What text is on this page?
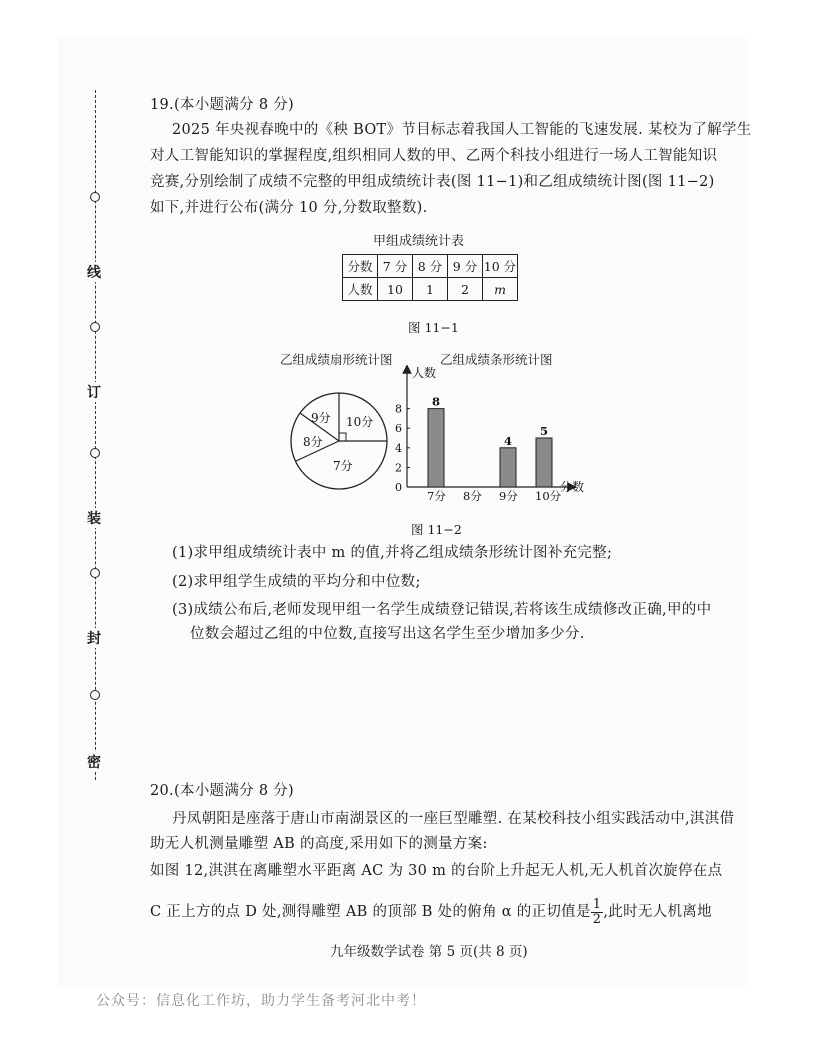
线
订
装
封
密
19.(本小题满分 8 分)
2025 年央视春晚中的《秧 BOT》节目标志着我国人工智能的飞速发展. 某校为了解学生
对人工智能知识的掌握程度,组织相同人数的甲、乙两个科技小组进行一场人工智能知识
竞赛,分别绘制了成绩不完整的甲组成绩统计表(图 11−1)和乙组成绩统计图(图 11−2)
如下,并进行公布(满分 10 分,分数取整数).
甲组成绩统计表
分数	7 分	8 分	9 分	10 分
人数	10	1	2	m
图 11−1
乙组成绩扇形统计图
9分 10分
8分
7分
乙组成绩条形统计图
人数
分数
0
2
4
6
8
7分
8
8分 9分
4
10分
5
图 11−2
(1)求甲组成绩统计表中 m 的值,并将乙组成绩条形统计图补充完整;
(2)求甲组学生成绩的平均分和中位数;
(3)成绩公布后,老师发现甲组一名学生成绩登记错误,若将该生成绩修改正确,甲的中
位数会超过乙组的中位数,直接写出这名学生至少增加多少分.
20.(本小题满分 8 分)
丹凤朝阳是座落于唐山市南湖景区的一座巨型雕塑. 在某校科技小组实践活动中,淇淇借
助无人机测量雕塑 AB 的高度,采用如下的测量方案:
如图 12,淇淇在离雕塑水平距离 AC 为 30 m 的台阶上升起无人机,无人机首次旋停在点
C 正上方的点 D 处,测得雕塑 AB 的顶部 B 处的俯角 α 的正切值是 $\frac{1}{2}$ ,此时无人机离地
九年级数学试卷 第 5 页(共 8 页)
公众号：信息化工作坊，助力学生备考河北中考！
